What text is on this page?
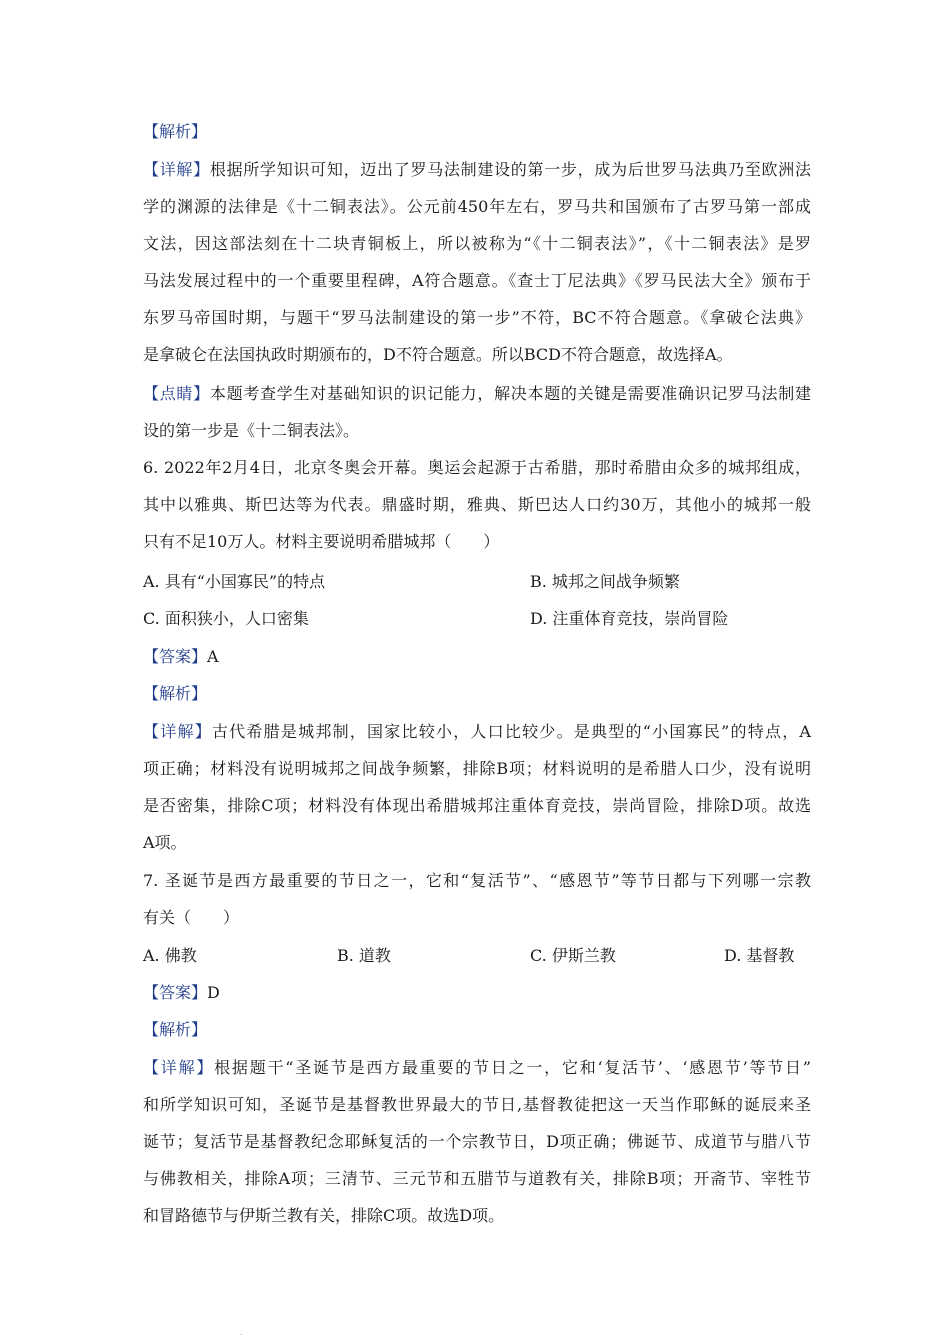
【解析】
【详解】根据所学知识可知，迈出了罗马法制建设的第一步，成为后世罗马法典乃至欧洲法
学的渊源的法律是《十二铜表法》。公元前450年左右，罗马共和国颁布了古罗马第一部成
文法，因这部法刻在十二块青铜板上，所以被称为“《十二铜表法》”，《十二铜表法》是罗
马法发展过程中的一个重要里程碑，A符合题意。《查士丁尼法典》《罗马民法大全》颁布于
东罗马帝国时期，与题干“罗马法制建设的第一步”不符，BC不符合题意。《拿破仑法典》
是拿破仑在法国执政时期颁布的，D不符合题意。所以BCD不符合题意，故选择A。
【点睛】本题考查学生对基础知识的识记能力，解决本题的关键是需要准确识记罗马法制建
设的第一步是《十二铜表法》。
6. 2022年2月4日，北京冬奥会开幕。奥运会起源于古希腊，那时希腊由众多的城邦组成，
其中以雅典、斯巴达等为代表。鼎盛时期，雅典、斯巴达人口约30万，其他小的城邦一般
只有不足10万人。材料主要说明希腊城邦（　　）
A. 具有“小国寡民”的特点	B. 城邦之间战争频繁
C. 面积狭小，人口密集	D. 注重体育竞技，崇尚冒险
【答案】A
【解析】
【详解】古代希腊是城邦制，国家比较小，人口比较少。是典型的“小国寡民”的特点，A
项正确；材料没有说明城邦之间战争频繁，排除B项；材料说明的是希腊人口少，没有说明
是否密集，排除C项；材料没有体现出希腊城邦注重体育竞技，崇尚冒险，排除D项。故选
A项。
7. 圣诞节是西方最重要的节日之一，它和“复活节”、“感恩节”等节日都与下列哪一宗教
有关（　　）
A. 佛教	B. 道教	C. 伊斯兰教	D. 基督教
【答案】D
【解析】
【详解】根据题干“圣诞节是西方最重要的节日之一，它和‘复活节’、‘感恩节’等节日”
和所学知识可知，圣诞节是基督教世界最大的节日,基督教徒把这一天当作耶稣的诞辰来圣
诞节；复活节是基督教纪念耶稣复活的一个宗教节日，D项正确；佛诞节、成道节与腊八节
与佛教相关，排除A项；三清节、三元节和五腊节与道教有关，排除B项；开斋节、宰牲节
和冒路德节与伊斯兰教有关，排除C项。故选D项。
.
